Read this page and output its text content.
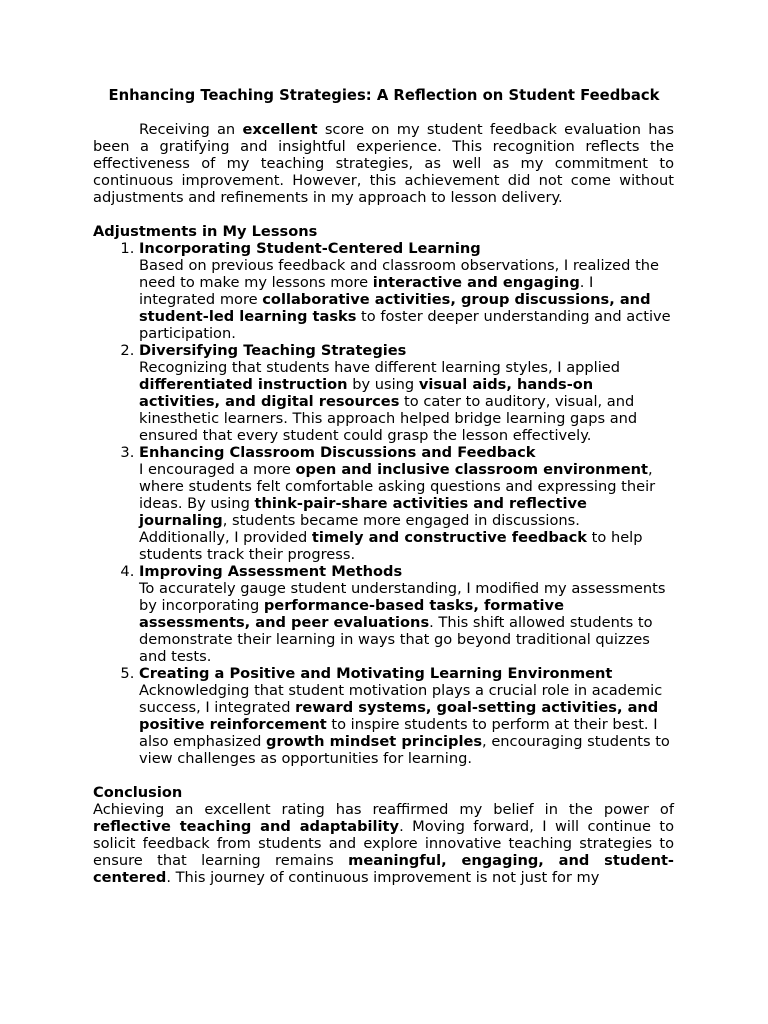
Enhancing Teaching Strategies: A Reflection on Student Feedback

Receiving an excellent score on my student feedback evaluation has been a gratifying and insightful experience. This recognition reflects the effectiveness of my teaching strategies, as well as my commitment to continuous improvement. However, this achievement did not come without adjustments and refinements in my approach to lesson delivery.

Adjustments in My Lessons

1. Incorporating Student-Centered Learning
Based on previous feedback and classroom observations, I realized the need to make my lessons more interactive and engaging. I integrated more collaborative activities, group discussions, and student-led learning tasks to foster deeper understanding and active participation.
2. Diversifying Teaching Strategies
Recognizing that students have different learning styles, I applied differentiated instruction by using visual aids, hands-on activities, and digital resources to cater to auditory, visual, and kinesthetic learners. This approach helped bridge learning gaps and ensured that every student could grasp the lesson effectively.
3. Enhancing Classroom Discussions and Feedback
I encouraged a more open and inclusive classroom environment, where students felt comfortable asking questions and expressing their ideas. By using think-pair-share activities and reflective journaling, students became more engaged in discussions. Additionally, I provided timely and constructive feedback to help students track their progress.
4. Improving Assessment Methods
To accurately gauge student understanding, I modified my assessments by incorporating performance-based tasks, formative assessments, and peer evaluations. This shift allowed students to demonstrate their learning in ways that go beyond traditional quizzes and tests.
5. Creating a Positive and Motivating Learning Environment
Acknowledging that student motivation plays a crucial role in academic success, I integrated reward systems, goal-setting activities, and positive reinforcement to inspire students to perform at their best. I also emphasized growth mindset principles, encouraging students to view challenges as opportunities for learning.

Conclusion

Achieving an excellent rating has reaffirmed my belief in the power of reflective teaching and adaptability. Moving forward, I will continue to solicit feedback from students and explore innovative teaching strategies to ensure that learning remains meaningful, engaging, and student-centered. This journey of continuous improvement is not just for my
